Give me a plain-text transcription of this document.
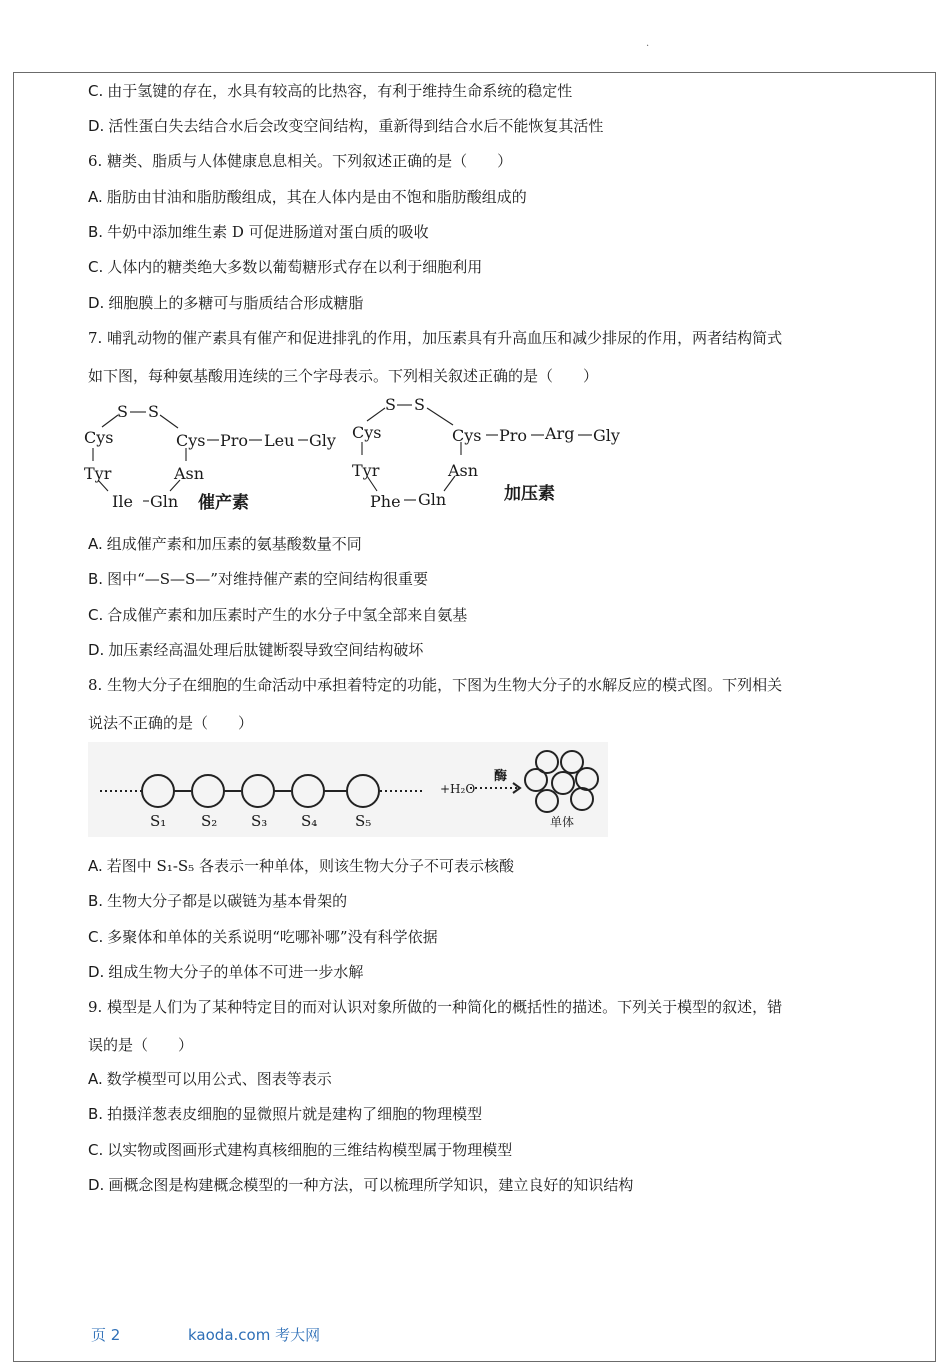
.
C. 由于氢键的存在，水具有较高的比热容，有利于维持生命系统的稳定性
D. 活性蛋白失去结合水后会改变空间结构，重新得到结合水后不能恢复其活性
6. 糖类、脂质与人体健康息息相关。下列叙述正确的是（　　）
A. 脂肪由甘油和脂肪酸组成，其在人体内是由不饱和脂肪酸组成的
B. 牛奶中添加维生素 D 可促进肠道对蛋白质的吸收
C. 人体内的糖类绝大多数以葡萄糖形式存在以利于细胞利用
D. 细胞膜上的多糖可与脂质结合形成糖脂
7. 哺乳动物的催产素具有催产和促进排乳的作用，加压素具有升高血压和减少排尿的作用，两者结构简式
如下图，每种氨基酸用连续的三个字母表示。下列相关叙述正确的是（　　）
S S
Cys	Cys Pro Leu Gly
Tyr	Asn
Ile Gln 催产素
S S
Cys	Cys Pro Arg Gly
Tyr	Asn
Phe Gln	加压素
A. 组成催产素和加压素的氨基酸数量不同
B. 图中“—S—S—”对维持催产素的空间结构很重要
C. 合成催产素和加压素时产生的水分子中氢全部来自氨基
D. 加压素经高温处理后肽键断裂导致空间结构破坏
8. 生物大分子在细胞的生命活动中承担着特定的功能，下图为生物大分子的水解反应的模式图。下列相关
说法不正确的是（　　）
S₁ S₂ S₃ S₄	S₅
+H₂O
酶
单体
A. 若图中 S₁-S₅ 各表示一种单体，则该生物大分子不可表示核酸
B. 生物大分子都是以碳链为基本骨架的
C. 多聚体和单体的关系说明“吃哪补哪”没有科学依据
D. 组成生物大分子的单体不可进一步水解
9. 模型是人们为了某种特定目的而对认识对象所做的一种简化的概括性的描述。下列关于模型的叙述，错
误的是（　　）
A. 数学模型可以用公式、图表等表示
B. 拍摄洋葱表皮细胞的显微照片就是建构了细胞的物理模型
C. 以实物或图画形式建构真核细胞的三维结构模型属于物理模型
D. 画概念图是构建概念模型的一种方法，可以梳理所学知识，建立良好的知识结构
页 2	kaoda.com 考大网
